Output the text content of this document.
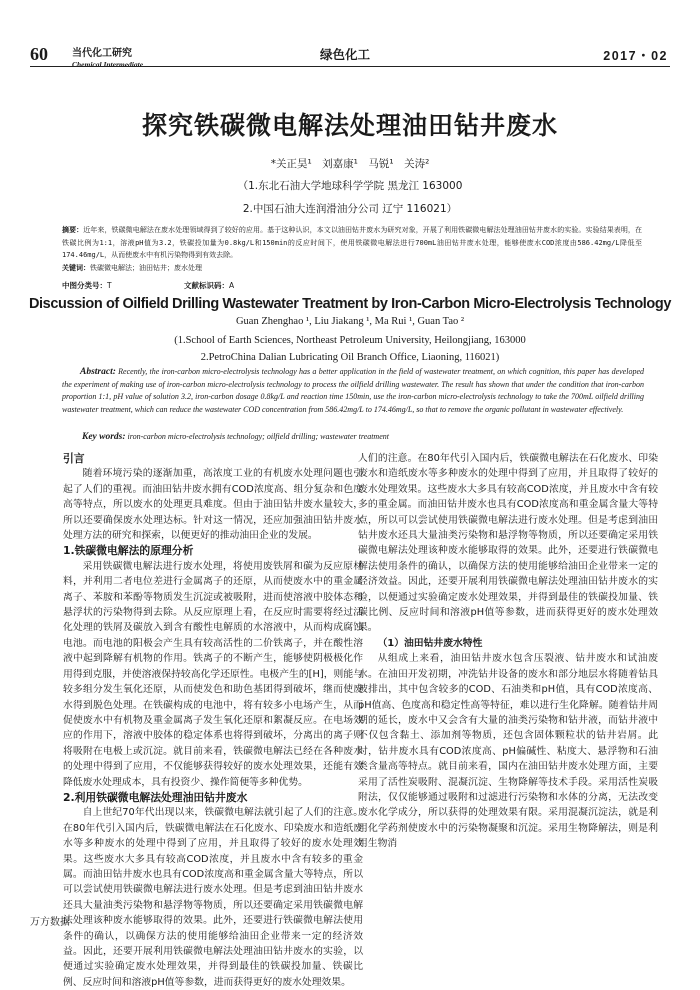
60 当代化工研究
Chemical Intermediate
绿色化工	2017・02
探究铁碳微电解法处理油田钻井废水
*关正昊¹　刘嘉康¹　马锐¹　关涛²
（1.东北石油大学地球科学学院 黑龙江 163000
2.中国石油大连润滑油分公司 辽宁 116021）
摘要：近年来，铁碳微电解法在废水处理领域得到了较好的应用。基于这种认识，本文以油田钻井废水为研究对象，开展了利用铁碳微电解法处理油田钻井废水的实验。实验结果表明，在铁碳比例为1:1，溶液pH值为3.2，铁碳投加量为0.8kg/L和150min的反应时间下，使用铁碳微电解法进行700mL油田钻井废水处理，能够使废水COD浓度由586.42mg/L降低至174.46mg/L，从而使废水中有机污染物得到有效去除。
关键词：铁碳微电解法；油田钻井；废水处理
中图分类号：T	文献标识码：A
Discussion of Oilfield Drilling Wastewater Treatment by Iron-Carbon Micro-Electrolysis Technology
Guan Zhenghao ¹, Liu Jiakang ¹, Ma Rui ¹, Guan Tao ²
(1.School of Earth Sciences, Northeast Petroleum University, Heilongjiang, 163000
2.PetroChina Dalian Lubricating Oil Branch Office, Liaoning, 116021)
Abstract: Recently, the iron-carbon micro-electrolysis technology has a better application in the field of wastewater treatment, on which cognition, this paper has developed the experiment of making use of iron-carbon micro-electrolysis technology to process the oilfield drilling wastewater. The result has shown that under the condition that iron-carbon proportion 1:1, pH value of solution 3.2, iron-carbon dosage 0.8kg/L and reaction time 150min, use the iron-carbon micro-electrolysis technology to take the 700mL oilfield drilling wastewater treatment, which can reduce the wastewater COD concentration from 586.42mg/L to 174.46mg/L, so that to remove the organic pollutant in wastewater effectively.
Key words: iron-carbon micro-electrolysis technology; oilfield drilling; wastewater treatment
引言

随着环境污染的逐渐加重，高浓度工业的有机废水处理问题也引起了人们的重视。而油田钻井废水拥有COD浓度高、组分复杂和色度高等特点，所以废水的处理更具难度。但由于油田钻井废水量较大，所以还要确保废水处理达标。针对这一情况，还应加强油田钻井废水处理方法的研究和探索，以便更好的推动油田企业的发展。

1.铁碳微电解法的原理分析

采用铁碳微电解法进行废水处理，将使用废铁屑和碳为反应原材料，并利用二者电位差进行金属离子的还原，从而使废水中的重金属离子、苯胺和苯酚等物质发生沉淀或被吸附，进而使溶液中胶体态和悬浮状的污染物得到去除。从反应原理上看，在反应时需要将经过活化处理的铁屑及碳放入到含有酸性电解质的水溶液中，从而构成腐蚀电池。而电池的阳极会产生具有较高活性的二价铁离子，并在酸性溶液中起到降解有机物的作用。铁离子的不断产生，能够使阴极极化作用得到克服，并使溶液保持较高化学还原性。电极产生的[H]，则能与较多组分发生氧化还原，从而使发色和助色基团得到破坏，继而使废水得到脱色处理。在铁碳构成的电池中，将有较多小电场产生，从而促使废水中有机物及重金属离子发生氧化还原和絮凝反应。在电场效应的作用下，溶液中胶体的稳定体系也将得到破坏，分离出的离子则将吸附在电极上或沉淀。就目前来看，铁碳微电解法已经在各种废水的处理中得到了应用，不仅能够获得较好的废水处理效果，还能有效降低废水处理成本，具有投资少、操作简便等多种优势。

2.利用铁碳微电解法处理油田钻井废水

自上世纪70年代出现以来，铁碳微电解法就引起了人们的注意。在80年代引入国内后，铁碳微电解法在石化废水、印染废水和造纸废水等多种废水的处理中得到了应用，并且取得了较好的废水处理效果。这些废水大多具有较高COD浓度，并且废水中含有较多的重金属。而油田钻井废水也具有COD浓度高和重金属含量大等特点，所以可以尝试使用铁碳微电解法进行废水处理。但是考虑到油田钻井废水还具大量油类污染物和悬浮物等物质，所以还要确定采用铁碳微电解法处理该种废水能够取得的效果。此外，还要进行铁碳微电解法使用条件的确认，以确保方法的使用能够给油田企业带来一定的经济效益。因此，还要开展利用铁碳微电解法处理油田钻井废水的实验，以便通过实验确定废水处理效果，并得到最佳的铁碳投加量、铁碳比例、反应时间和溶液pH值等参数，进而获得更好的废水处理效果。

人们的注意。在80年代引入国内后，铁碳微电解法在石化废水、印染废水和造纸废水等多种废水的处理中得到了应用，并且取得了较好的废水处理效果。这些废水大多具有较高COD浓度，并且废水中含有较多的重金属。而油田钻井废水也具有COD浓度高和重金属含量大等特点，所以可以尝试使用铁碳微电解法进行废水处理。但是考虑到油田钻井废水还具大量油类污染物和悬浮物等物质，所以还要确定采用铁碳微电解法处理该种废水能够取得的效果。此外，还要进行铁碳微电解法使用条件的确认，以确保方法的使用能够给油田企业带来一定的经济效益。因此，还要开展利用铁碳微电解法处理油田钻井废水的实验，以便通过实验确定废水处理效果，并得到最佳的铁碳投加量、铁碳比例、反应时间和溶液pH值等参数，进而获得更好的废水处理效果。

（1）油田钻井废水特性

从组成上来看，油田钻井废水包含压裂液、钻井废水和试油废水。在油田开发初期，冲洗钻井设备的废水和部分地层水将随着钻具被排出，其中包含较多的COD、石油类和pH值，具有COD浓度高、pH值高、色度高和稳定性高等特征，难以进行生化降解。随着钻井周期的延长，废水中又会含有大量的油类污染物和钻井液，而钻井液中不仅包含黏土、添加剂等物质，还包含固体颗粒状的钻井岩屑。此时，钻井废水具有COD浓度高、pH偏碱性、粘度大、悬浮物和石油类含量高等特点。就目前来看，国内在油田钻井废水处理方面，主要采用了活性炭吸附、混凝沉淀、生物降解等技术手段。采用活性炭吸附法，仅仅能够通过吸附和过滤进行污染物和水体的分离，无法改变废水化学成分，所以获得的处理效果有限。采用混凝沉淀法，就是利用化学药剂使废水中的污染物凝聚和沉淀。采用生物降解法，则是利用生物消

万方数据
